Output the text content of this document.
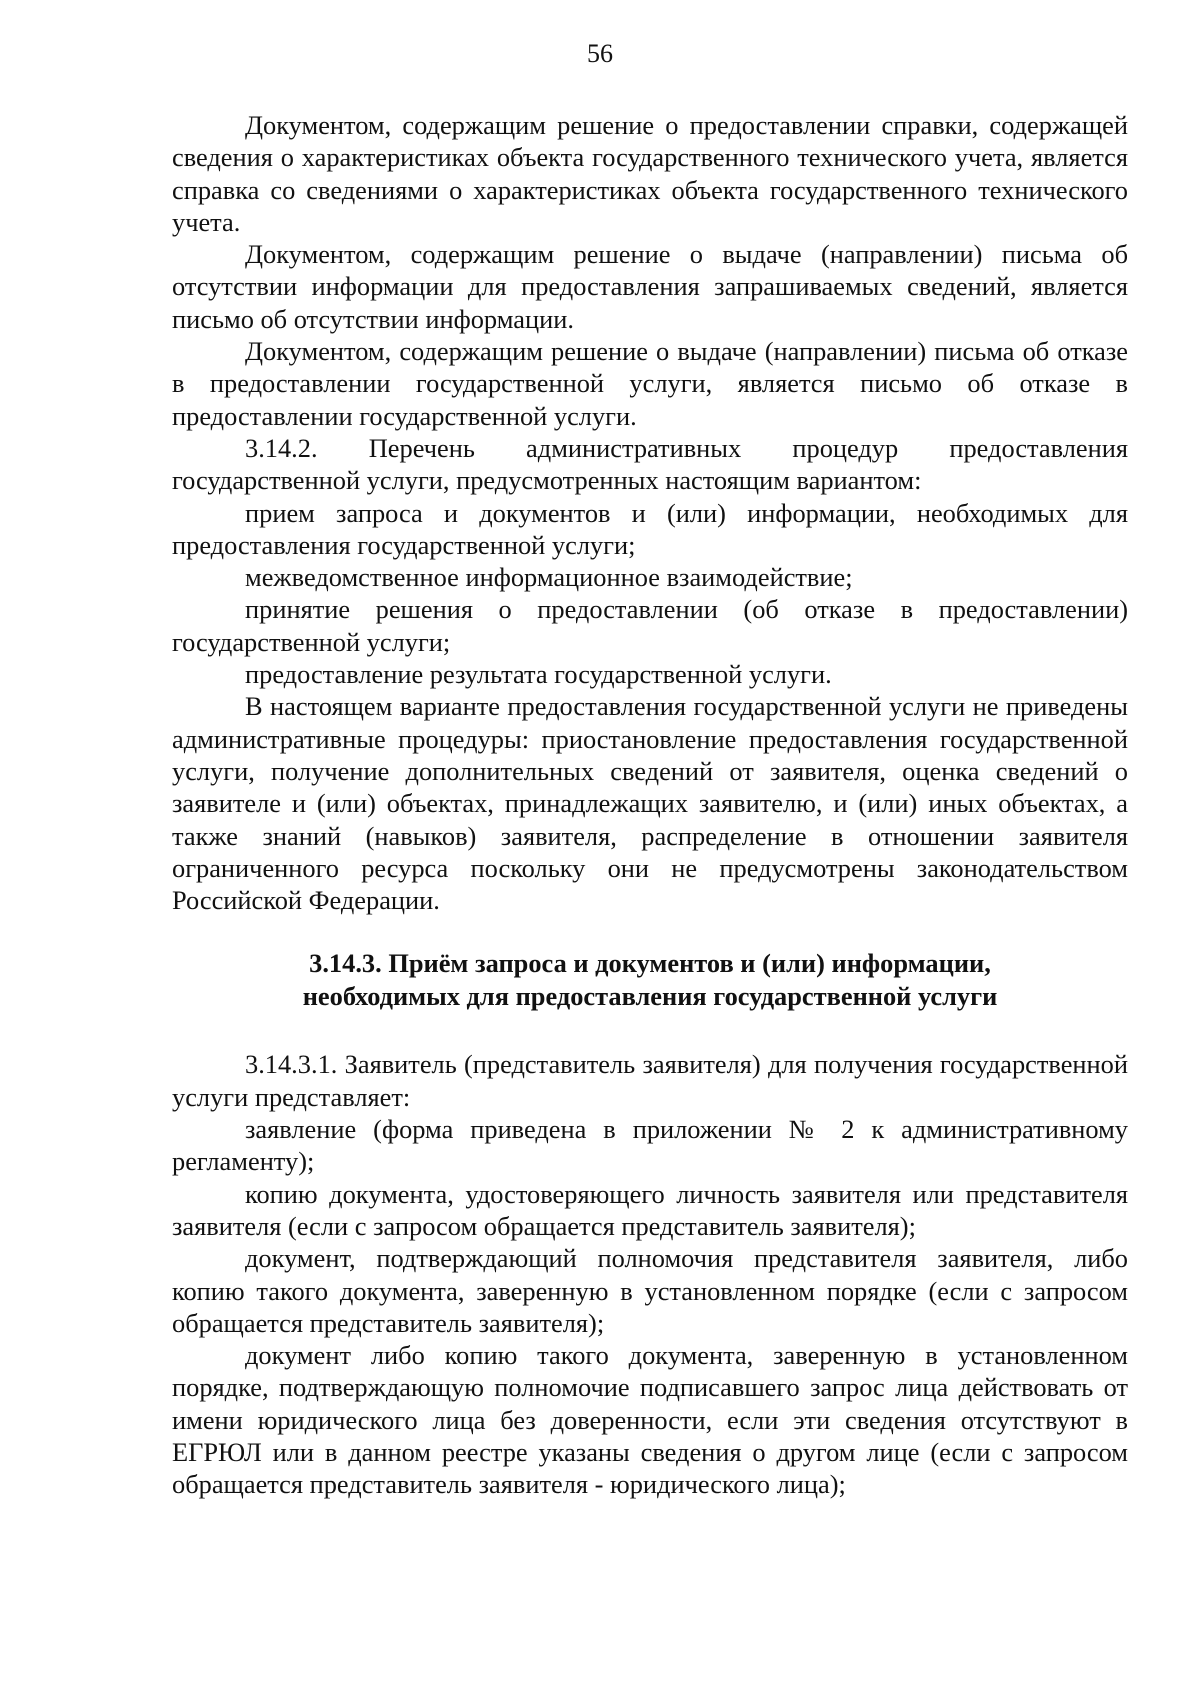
56

Документом, содержащим решение о предоставлении справки, содержащей сведения о характеристиках объекта государственного технического учета, является справка со сведениями о характеристиках объекта государственного технического учета.

Документом, содержащим решение о выдаче (направлении) письма об отсутствии информации для предоставления запрашиваемых сведений, является письмо об отсутствии информации.

Документом, содержащим решение о выдаче (направлении) письма об отказе в предоставлении государственной услуги, является письмо об отказе в предоставлении государственной услуги.

3.14.2. Перечень административных процедур предоставления государственной услуги, предусмотренных настоящим вариантом:

прием запроса и документов и (или) информации, необходимых для предоставления государственной услуги;

межведомственное информационное взаимодействие;

принятие решения о предоставлении (об отказе в предоставлении) государственной услуги;

предоставление результата государственной услуги.

В настоящем варианте предоставления государственной услуги не приведены административные процедуры: приостановление предоставления государственной услуги, получение дополнительных сведений от заявителя, оценка сведений о заявителе и (или) объектах, принадлежащих заявителю, и (или) иных объектах, а также знаний (навыков) заявителя, распределение в отношении заявителя ограниченного ресурса поскольку они не предусмотрены законодательством Российской Федерации.

3.14.3. Приём запроса и документов и (или) информации,

необходимых для предоставления государственной услуги

3.14.3.1. Заявитель (представитель заявителя) для получения государственной услуги представляет:

заявление (форма приведена в приложении № 2 к административному регламенту);

копию документа, удостоверяющего личность заявителя или представителя заявителя (если с запросом обращается представитель заявителя);

документ, подтверждающий полномочия представителя заявителя, либо копию такого документа, заверенную в установленном порядке (если с запросом обращается представитель заявителя);

документ либо копию такого документа, заверенную в установленном порядке, подтверждающую полномочие подписавшего запрос лица действовать от имени юридического лица без доверенности, если эти сведения отсутствуют в ЕГРЮЛ или в данном реестре указаны сведения о другом лице (если с запросом обращается представитель заявителя - юридического лица);
